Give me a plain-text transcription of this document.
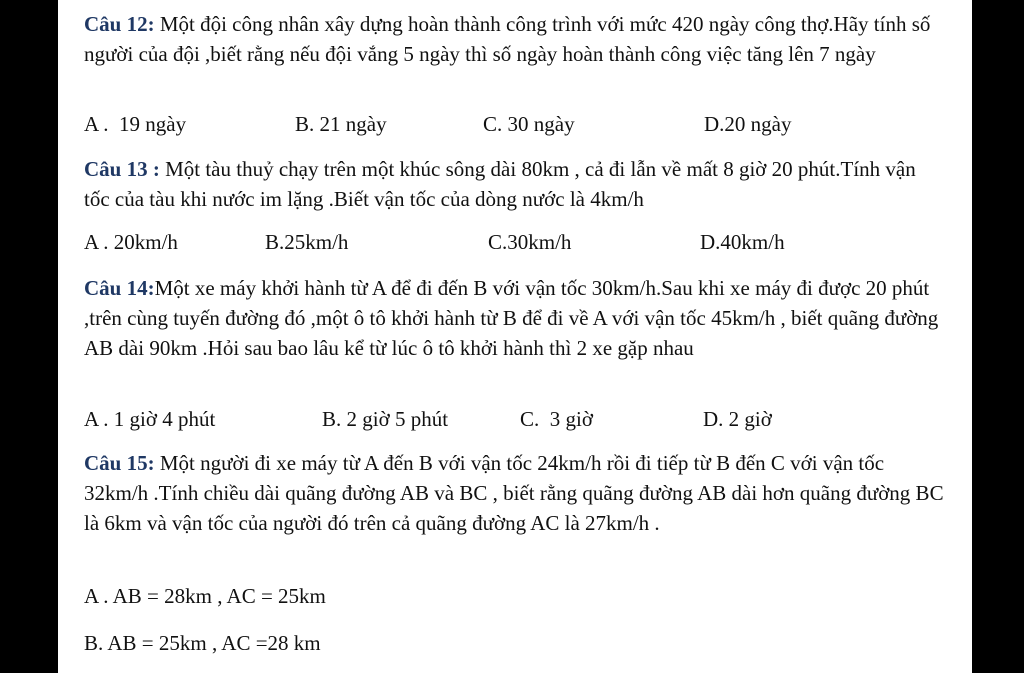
Câu 12: Một đội công nhân xây dựng hoàn thành công trình với mức 420 ngày công thợ.Hãy tính số người của đội ,biết rằng nếu đội vắng 5 ngày thì số ngày hoàn thành công việc tăng lên 7 ngày

A .  19 ngày	B. 21 ngày	C. 30 ngày	D.20 ngày

Câu 13 : Một tàu thuỷ chạy trên một khúc sông dài 80km , cả đi lẫn về mất 8 giờ 20 phút.Tính vận tốc của tàu khi nước im lặng .Biết vận tốc của dòng nước là 4km/h

A . 20km/h	B.25km/h	C.30km/h	D.40km/h

Câu 14:Một xe máy khởi hành từ A để đi đến B với vận tốc 30km/h.Sau khi xe máy đi được 20 phút ,trên cùng tuyến đường đó ,một ô tô khởi hành từ B để đi về A với vận tốc 45km/h , biết quãng đường AB dài 90km .Hỏi sau bao lâu kể từ lúc ô tô khởi hành thì 2 xe gặp nhau

A . 1 giờ 4 phút	B. 2 giờ 5 phút	C.  3 giờ	D. 2 giờ

Câu 15: Một người đi xe máy từ A đến B với vận tốc 24km/h rồi đi tiếp từ B đến C với vận tốc 32km/h .Tính chiều dài quãng đường AB và BC , biết rằng quãng đường AB dài hơn quãng đường BC là 6km và vận tốc của người đó trên cả quãng đường AC là 27km/h .

A . AB = 28km , AC = 25km
B. AB = 25km , AC =28 km
